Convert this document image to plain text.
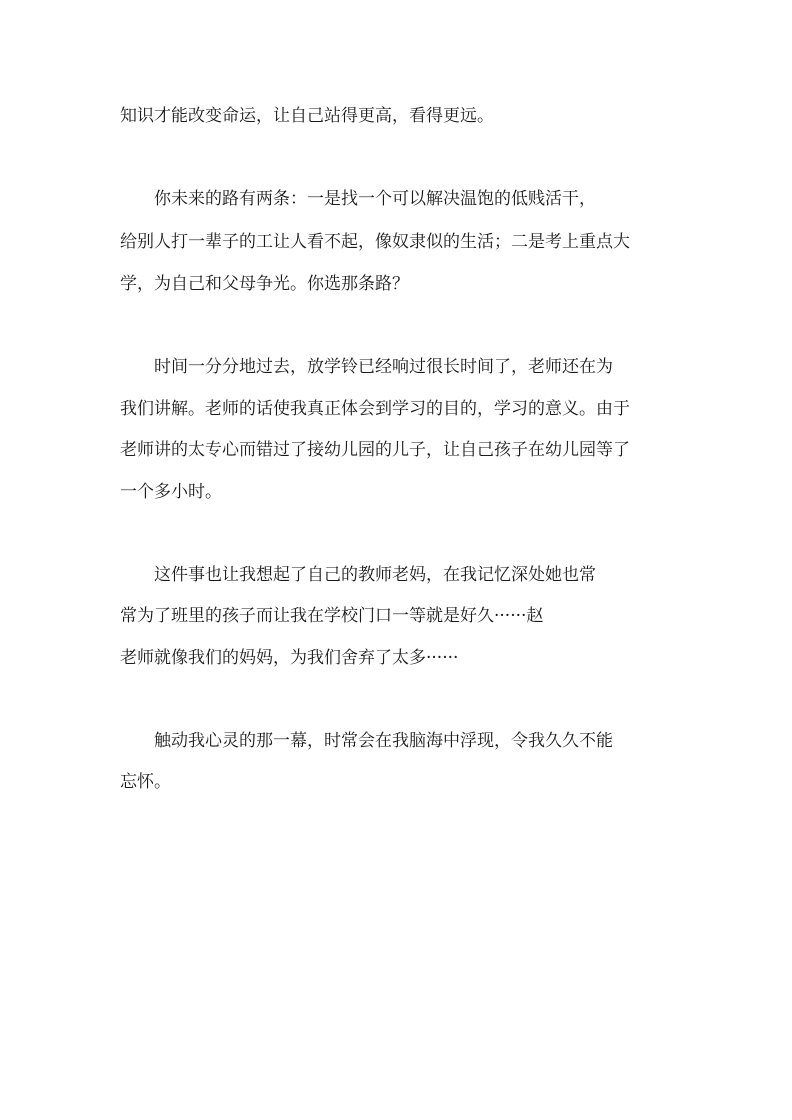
知识才能改变命运，让自己站得更高，看得更远。
　　你未来的路有两条：一是找一个可以解决温饱的低贱活干，
给别人打一辈子的工让人看不起，像奴隶似的生活；二是考上重点大
学，为自己和父母争光。你选那条路？
　　时间一分分地过去，放学铃已经响过很长时间了，老师还在为
我们讲解。老师的话使我真正体会到学习的目的，学习的意义。由于
老师讲的太专心而错过了接幼儿园的儿子，让自己孩子在幼儿园等了
一个多小时。
　　这件事也让我想起了自己的教师老妈，在我记忆深处她也常
常为了班里的孩子而让我在学校门口一等就是好久······赵
老师就像我们的妈妈，为我们舍弃了太多······
　　触动我心灵的那一幕，时常会在我脑海中浮现，令我久久不能
忘怀。
